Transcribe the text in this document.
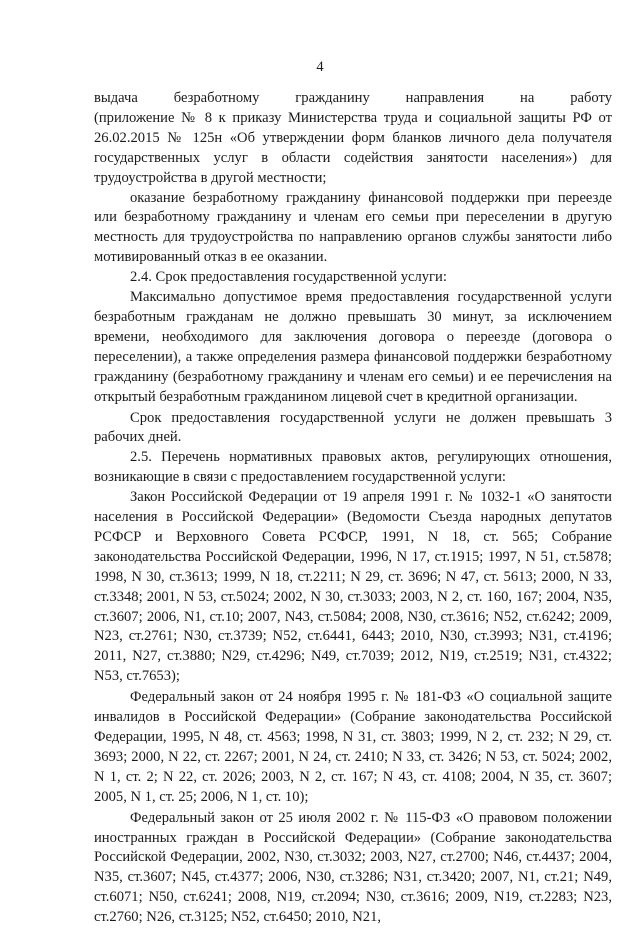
4

выдача безработному гражданину направления на работу

(приложение № 8 к приказу Министерства труда и социальной защиты РФ от 26.02.2015 № 125н «Об утверждении форм бланков личного дела получателя государственных услуг в области содействия занятости населения») для трудоустройства в другой местности;

оказание безработному гражданину финансовой поддержки при переезде или безработному гражданину и членам его семьи при переселении в другую местность для трудоустройства по направлению органов службы занятости либо мотивированный отказ в ее оказании.

2.4. Срок предоставления государственной услуги:

Максимально допустимое время предоставления государственной услуги безработным гражданам не должно превышать 30 минут, за исключением времени, необходимого для заключения договора о переезде (договора о переселении), а также определения размера финансовой поддержки безработному гражданину (безработному гражданину и членам его семьи) и ее перечисления на открытый безработным гражданином лицевой счет в кредитной организации.

Срок предоставления государственной услуги не должен превышать 3 рабочих дней.

2.5. Перечень нормативных правовых актов, регулирующих отношения, возникающие в связи с предоставлением государственной услуги:

Закон Российской Федерации от 19 апреля 1991 г. № 1032-1 «О занятости населения в Российской Федерации» (Ведомости Съезда народных депутатов РСФСР и Верховного Совета РСФСР, 1991, N 18, ст. 565; Собрание законодательства Российской Федерации, 1996, N 17, ст.1915; 1997, N 51, ст.5878; 1998, N 30, ст.3613; 1999, N 18, ст.2211; N 29, ст. 3696; N 47, ст. 5613; 2000, N 33, ст.3348; 2001, N 53, ст.5024; 2002, N 30, ст.3033; 2003, N 2, ст. 160, 167; 2004, N35, ст.3607; 2006, N1, ст.10; 2007, N43, ст.5084; 2008, N30, ст.3616; N52, ст.6242; 2009, N23, ст.2761; N30, ст.3739; N52, ст.6441, 6443; 2010, N30, ст.3993; N31, ст.4196; 2011, N27, ст.3880; N29, ст.4296; N49, ст.7039; 2012, N19, ст.2519; N31, ст.4322; N53, ст.7653);

Федеральный закон от 24 ноября 1995 г. № 181-ФЗ «О социальной защите инвалидов в Российской Федерации» (Собрание законодательства Российской Федерации, 1995, N 48, ст. 4563; 1998, N 31, ст. 3803; 1999, N 2, ст. 232; N 29, ст. 3693; 2000, N 22, ст. 2267; 2001, N 24, ст. 2410; N 33, ст. 3426; N 53, ст. 5024; 2002, N 1, ст. 2; N 22, ст. 2026; 2003, N 2, ст. 167; N 43, ст. 4108; 2004, N 35, ст. 3607; 2005, N 1, ст. 25; 2006, N 1, ст. 10);

Федеральный закон от 25 июля 2002 г. № 115-ФЗ «О правовом положении иностранных граждан в Российской Федерации» (Собрание законодательства Российской Федерации, 2002, N30, ст.3032; 2003, N27, ст.2700; N46, ст.4437; 2004, N35, ст.3607; N45, ст.4377; 2006, N30, ст.3286; N31, ст.3420; 2007, N1, ст.21; N49, ст.6071; N50, ст.6241; 2008, N19, ст.2094; N30, ст.3616; 2009, N19, ст.2283; N23, ст.2760; N26, ст.3125; N52, ст.6450; 2010, N21,
